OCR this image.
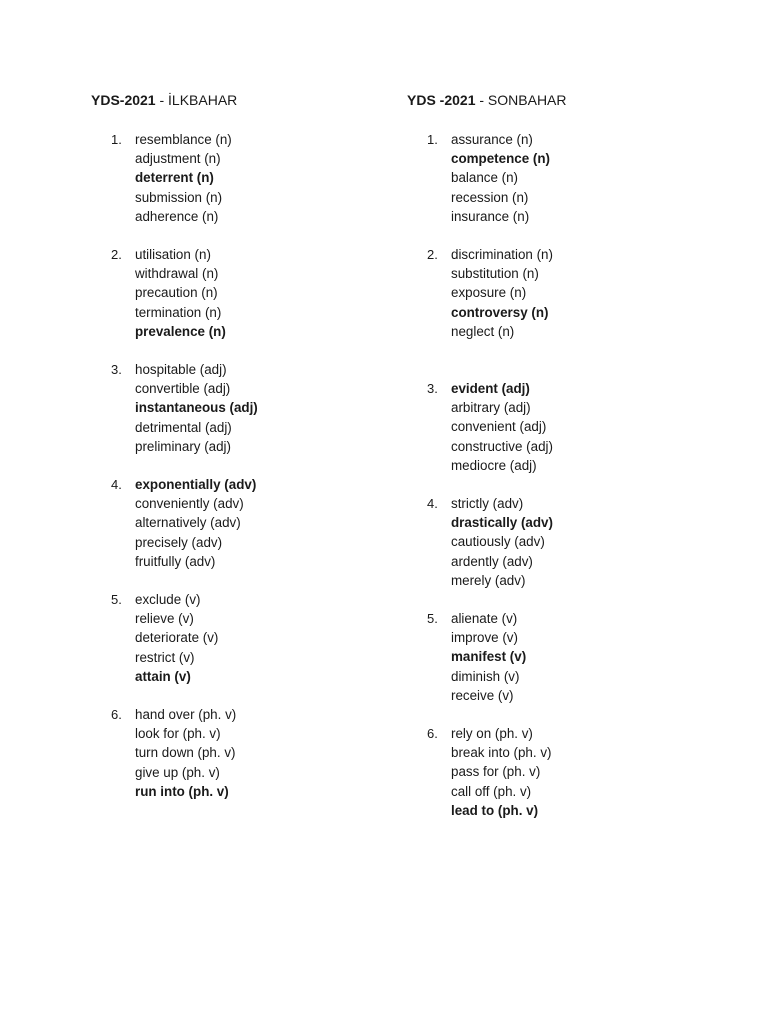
YDS-2021 - İLKBAHAR
1. resemblance (n)
adjustment (n)
deterrent (n)
submission (n)
adherence (n)
2. utilisation (n)
withdrawal (n)
precaution (n)
termination (n)
prevalence (n)
3. hospitable (adj)
convertible (adj)
instantaneous (adj)
detrimental (adj)
preliminary (adj)
4. exponentially (adv)
conveniently (adv)
alternatively (adv)
precisely (adv)
fruitfully (adv)
5. exclude (v)
relieve (v)
deteriorate (v)
restrict (v)
attain (v)
6. hand over (ph. v)
look for (ph. v)
turn down (ph. v)
give up (ph. v)
run into (ph. v)
YDS -2021 - SONBAHAR
1. assurance (n)
competence (n)
balance (n)
recession (n)
insurance (n)
2. discrimination (n)
substitution (n)
exposure (n)
controversy (n)
neglect (n)
3. evident (adj)
arbitrary (adj)
convenient (adj)
constructive (adj)
mediocre (adj)
4. strictly (adv)
drastically (adv)
cautiously (adv)
ardently (adv)
merely (adv)
5. alienate (v)
improve (v)
manifest (v)
diminish (v)
receive (v)
6. rely on (ph. v)
break into (ph. v)
pass for (ph. v)
call off (ph. v)
lead to (ph. v)
